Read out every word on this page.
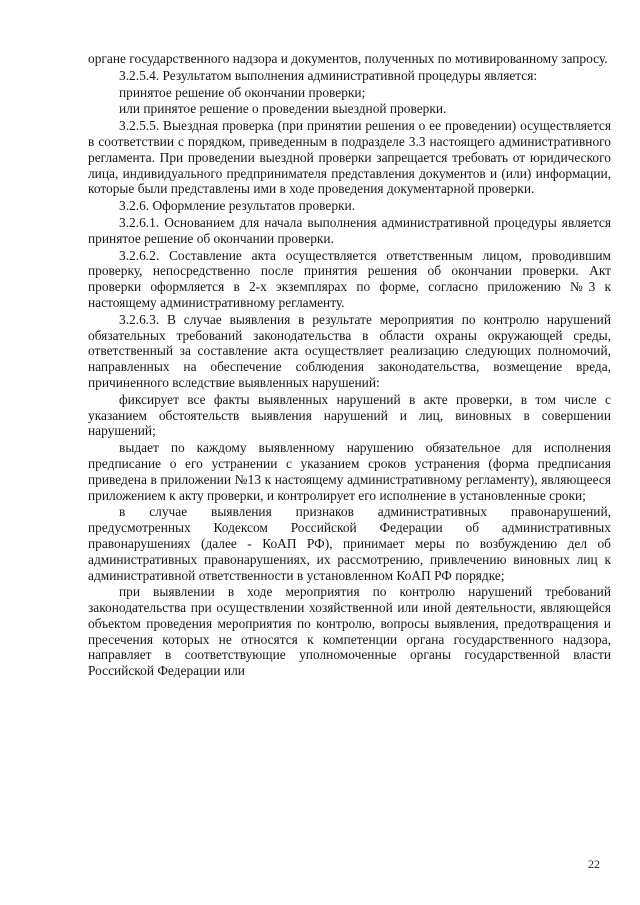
органе государственного надзора и документов, полученных по мотивированному запросу.

3.2.5.4. Результатом выполнения административной процедуры является:

принятое решение об окончании проверки;

или принятое решение о проведении выездной проверки.

3.2.5.5. Выездная проверка (при принятии решения о ее проведении) осуществляется в соответствии с порядком, приведенным в подразделе 3.3 настоящего административного регламента. При проведении выездной проверки запрещается требовать от юридического лица, индивидуального предпринимателя представления документов и (или) информации, которые были представлены ими в ходе проведения документарной проверки.

3.2.6. Оформление результатов проверки.

3.2.6.1. Основанием для начала выполнения административной процедуры является принятое решение об окончании проверки.

3.2.6.2. Составление акта осуществляется ответственным лицом, проводившим проверку, непосредственно после принятия решения об окончании проверки. Акт проверки оформляется в 2-х экземплярах по форме, согласно приложению №3 к настоящему административному регламенту.

3.2.6.3. В случае выявления в результате мероприятия по контролю нарушений обязательных требований законодательства в области охраны окружающей среды, ответственный за составление акта осуществляет реализацию следующих полномочий, направленных на обеспечение соблюдения законодательства, возмещение вреда, причиненного вследствие выявленных нарушений:

фиксирует все факты выявленных нарушений в акте проверки, в том числе с указанием обстоятельств выявления нарушений и лиц, виновных в совершении нарушений;

выдает по каждому выявленному нарушению обязательное для исполнения предписание о его устранении с указанием сроков устранения (форма предписания приведена в приложении №13 к настоящему административному регламенту), являющееся приложением к акту проверки, и контролирует его исполнение в установленные сроки;

в случае выявления признаков административных правонарушений, предусмотренных Кодексом Российской Федерации об административных правонарушениях (далее - КоАП РФ), принимает меры по возбуждению дел об административных правонарушениях, их рассмотрению, привлечению виновных лиц к административной ответственности в установленном КоАП РФ порядке;

при выявлении в ходе мероприятия по контролю нарушений требований законодательства при осуществлении хозяйственной или иной деятельности, являющейся объектом проведения мероприятия по контролю, вопросы выявления, предотвращения и пресечения которых не относятся к компетенции органа государственного надзора, направляет в соответствующие уполномоченные органы государственной власти Российской Федерации или

22
